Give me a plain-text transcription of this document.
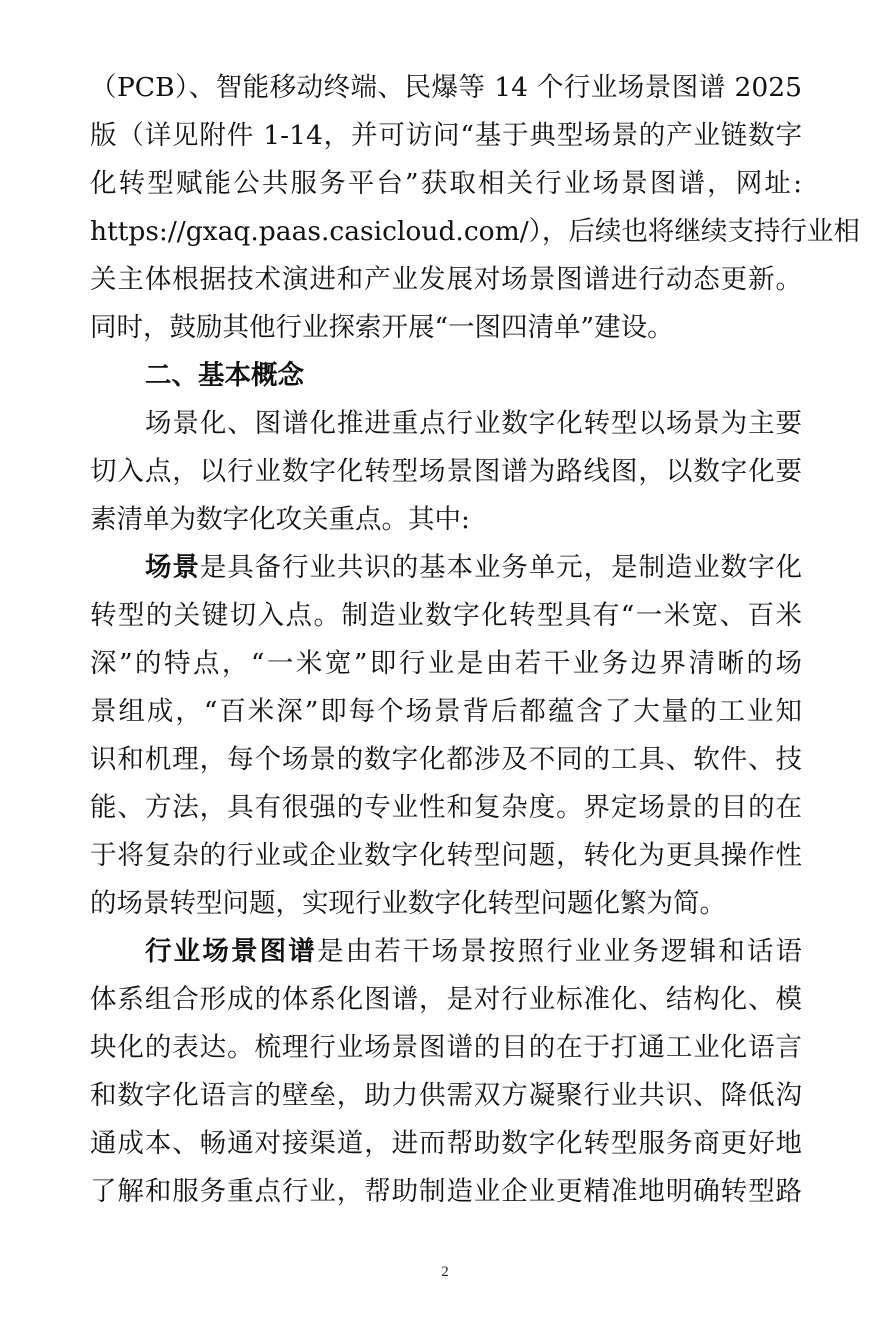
（PCB）、智能移动终端、民爆等 14 个行业场景图谱 2025
版（详见附件 1-14，并可访问“基于典型场景的产业链数字
化转型赋能公共服务平台”获取相关行业场景图谱，网址:
https://gxaq.paas.casicloud.com/），后续也将继续支持行业相
关主体根据技术演进和产业发展对场景图谱进行动态更新。
同时，鼓励其他行业探索开展“一图四清单”建设。
二、基本概念
场景化、图谱化推进重点行业数字化转型以场景为主要
切入点，以行业数字化转型场景图谱为路线图，以数字化要
素清单为数字化攻关重点。其中:
场景是具备行业共识的基本业务单元，是制造业数字化
转型的关键切入点。制造业数字化转型具有“一米宽、百米
深”的特点，“一米宽”即行业是由若干业务边界清晰的场
景组成，“百米深”即每个场景背后都蕴含了大量的工业知
识和机理，每个场景的数字化都涉及不同的工具、软件、技
能、方法，具有很强的专业性和复杂度。界定场景的目的在
于将复杂的行业或企业数字化转型问题，转化为更具操作性
的场景转型问题，实现行业数字化转型问题化繁为简。
行业场景图谱是由若干场景按照行业业务逻辑和话语
体系组合形成的体系化图谱，是对行业标准化、结构化、模
块化的表达。梳理行业场景图谱的目的在于打通工业化语言
和数字化语言的壁垒，助力供需双方凝聚行业共识、降低沟
通成本、畅通对接渠道，进而帮助数字化转型服务商更好地
了解和服务重点行业，帮助制造业企业更精准地明确转型路
2
